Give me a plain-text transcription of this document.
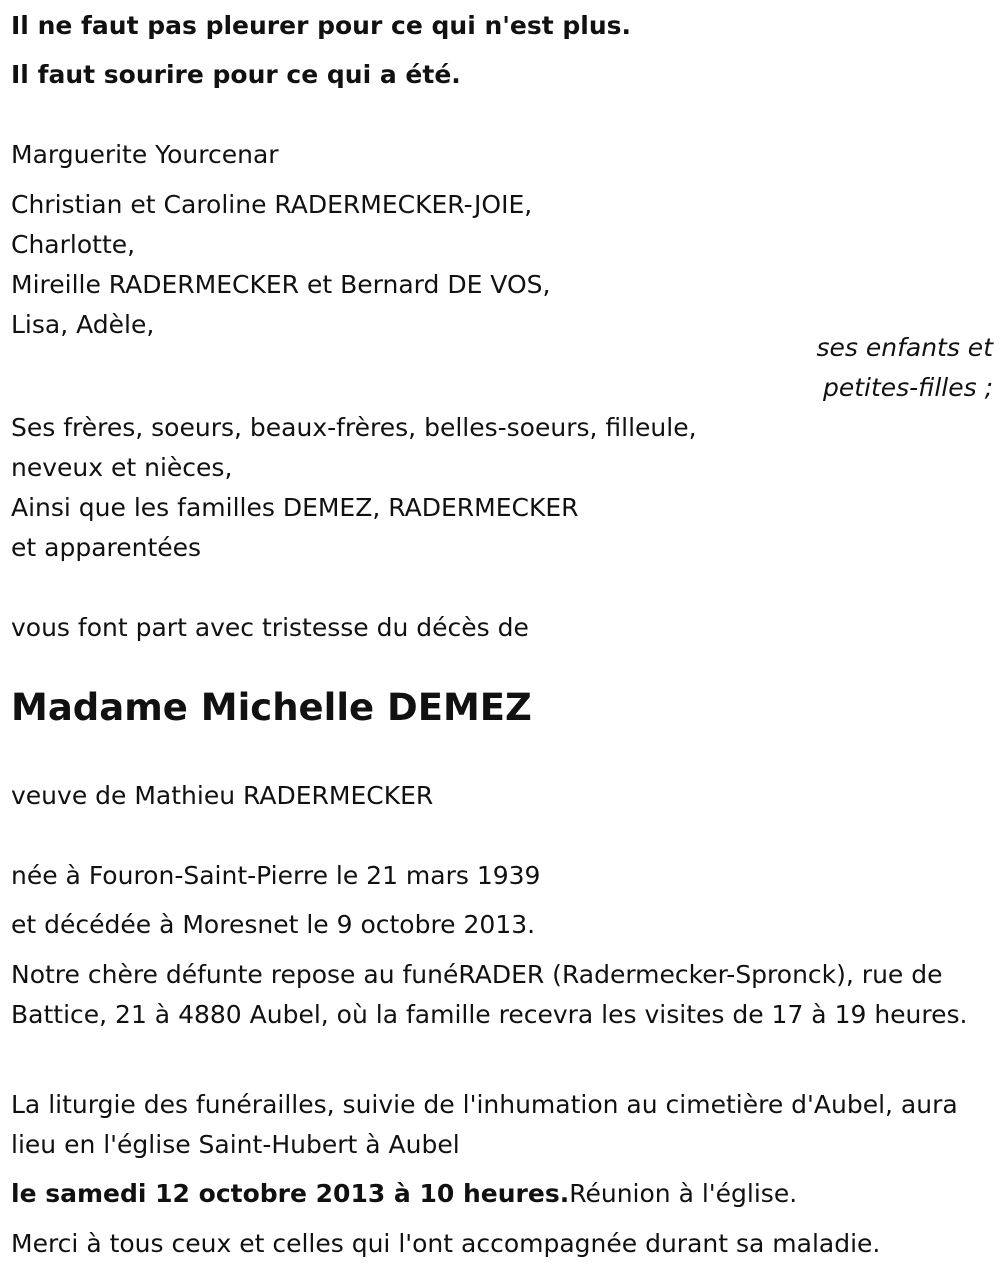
Il ne faut pas pleurer pour ce qui n'est plus.
Il faut sourire pour ce qui a été.
Marguerite Yourcenar
Christian et Caroline RADERMECKER-JOIE,
Charlotte,
Mireille RADERMECKER et Bernard DE VOS,
Lisa, Adèle,
ses enfants et
petites-filles ;
Ses frères, soeurs, beaux-frères, belles-soeurs, filleule,
neveux et nièces,
Ainsi que les familles DEMEZ, RADERMECKER
et apparentées
vous font part avec tristesse du décès de
Madame Michelle DEMEZ
veuve de Mathieu RADERMECKER
née à Fouron-Saint-Pierre le 21 mars 1939
et décédée à Moresnet le 9 octobre 2013.
Notre chère défunte repose au funéRADER (Radermecker-Spronck), rue de Battice, 21 à 4880 Aubel, où la famille recevra les visites de 17 à 19 heures.
La liturgie des funérailles, suivie de l'inhumation au cimetière d'Aubel, aura lieu en l'église Saint-Hubert à Aubel
le samedi 12 octobre 2013 à 10 heures.Réunion à l'église.
Merci à tous ceux et celles qui l'ont accompagnée durant sa maladie.
